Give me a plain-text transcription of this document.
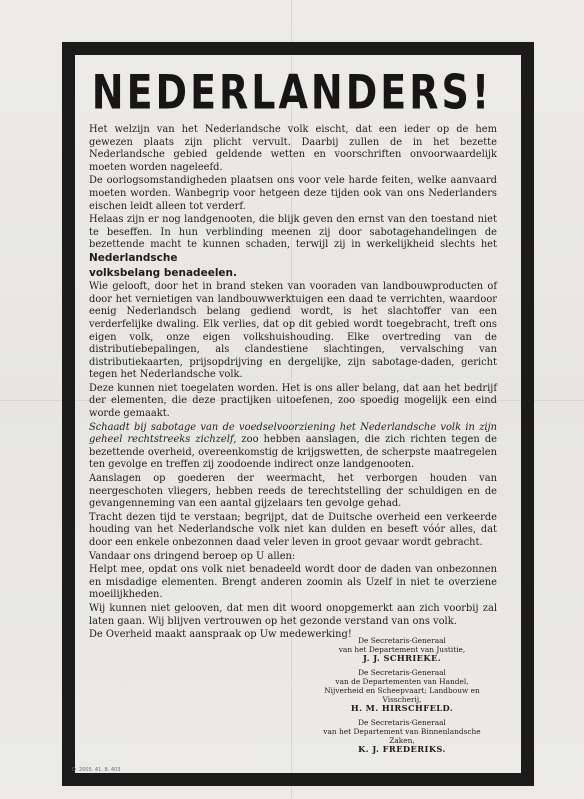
NEDERLANDERS!

Het welzijn van het Nederlandsche volk eischt, dat een ieder op de hem gewezen plaats zijn plicht vervult. Daarbij zullen de in het bezette Nederlandsche gebied geldende wetten en voorschriften onvoorwaardelijk moeten worden nageleefd.

De oorlogsomstandigheden plaatsen ons voor vele harde feiten, welke aanvaard moeten worden. Wanbegrip voor hetgeen deze tijden ook van ons Nederlanders eischen leidt alleen tot verderf.

Helaas zijn er nog landgenooten, die blijk geven den ernst van den toestand niet te beseffen. In hun verblinding meenen zij door sabotagehandelingen de bezettende macht te kunnen schaden, terwijl zij in werkelijkheid slechts het Nederlandsche

volksbelang benadeelen.

Wie gelooft, door het in brand steken van vooraden van landbouwproducten of door het vernietigen van landbouwwerktuigen een daad te verrichten, waardoor eenig Nederlandsch belang gediend wordt, is het slachtoffer van een verderfelijke dwaling. Elk verlies, dat op dit gebied wordt toegebracht, treft ons eigen volk, onze eigen volkshuishouding. Elke overtreding van de distributiebepalingen, als clandestiene slachtingen, vervalsching van distributiekaarten, prijsopdrijving en dergelijke, zijn sabotage-daden, gericht tegen het Nederlandsche volk.

Deze kunnen niet toegelaten worden. Het is ons aller belang, dat aan het bedrijf der elementen, die deze practijken uitoefenen, zoo spoedig mogelijk een eind worde gemaakt.

Schaadt bij sabotage van de voedselvoorziening het Nederlandsche volk in zijn geheel rechtstreeks zichzelf, zoo hebben aanslagen, die zich richten tegen de bezettende overheid, overeenkomstig de krijgswetten, de scherpste maatregelen ten gevolge en treffen zij zoodoende indirect onze landgenooten.

Aanslagen op goederen der weermacht, het verborgen houden van neergeschoten vliegers, hebben reeds de terechtstelling der schuldigen en de gevangenneming van een aantal gijzelaars ten gevolge gehad.

Tracht dezen tijd te verstaan; begrijpt, dat de Duitsche overheid een verkeerde houding van het Nederlandsche volk niet kan dulden en beseft vóór alles, dat door een enkele onbezonnen daad veler leven in groot gevaar wordt gebracht.

Vandaar ons dringend beroep op U allen:

Helpt mee, opdat ons volk niet benadeeld wordt door de daden van onbezonnen en misdadige elementen. Brengt anderen zoomin als Uzelf in niet te overziene moeilijkheden.

Wij kunnen niet gelooven, dat men dit woord onopgemerkt aan zich voorbij zal laten gaan. Wij blijven vertrouwen op het gezonde verstand van ons volk.

De Overheid maakt aanspraak op Uw medewerking!

De Secretaris-Generaal
van het Departement van Justitie,
J. J. SCHRIEKE.
De Secretaris-Generaal
van de Departementen van Handel, Nijverheid en Scheepvaart; Landbouw en Visscherij,
H. M. HIRSCHFELD.
De Secretaris-Generaal
van het Departement van Binnenlandsche Zaken,
K. J. FREDERIKS.
D. 2005. 41. 8. 403
